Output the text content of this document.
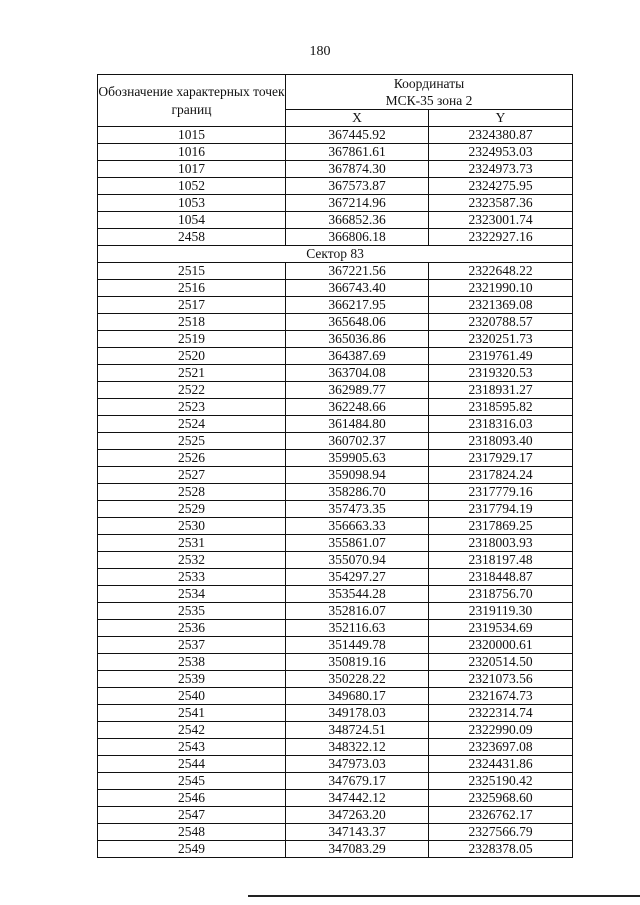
180
Обозначение характерных точек границ	Координаты
МСК-35 зона 2	

	X	Y
1015	367445.92	2324380.87
1016	367861.61	2324953.03
1017	367874.30	2324973.73
1052	367573.87	2324275.95
1053	367214.96	2323587.36
1054	366852.36	2323001.74
2458	366806.18	2322927.16
Сектор 83		
2515	367221.56	2322648.22
2516	366743.40	2321990.10
2517	366217.95	2321369.08
2518	365648.06	2320788.57
2519	365036.86	2320251.73
2520	364387.69	2319761.49
2521	363704.08	2319320.53
2522	362989.77	2318931.27
2523	362248.66	2318595.82
2524	361484.80	2318316.03
2525	360702.37	2318093.40
2526	359905.63	2317929.17
2527	359098.94	2317824.24
2528	358286.70	2317779.16
2529	357473.35	2317794.19
2530	356663.33	2317869.25
2531	355861.07	2318003.93
2532	355070.94	2318197.48
2533	354297.27	2318448.87
2534	353544.28	2318756.70
2535	352816.07	2319119.30
2536	352116.63	2319534.69
2537	351449.78	2320000.61
2538	350819.16	2320514.50
2539	350228.22	2321073.56
2540	349680.17	2321674.73
2541	349178.03	2322314.74
2542	348724.51	2322990.09
2543	348322.12	2323697.08
2544	347973.03	2324431.86
2545	347679.17	2325190.42
2546	347442.12	2325968.60
2547	347263.20	2326762.17
2548	347143.37	2327566.79
2549	347083.29	2328378.05
